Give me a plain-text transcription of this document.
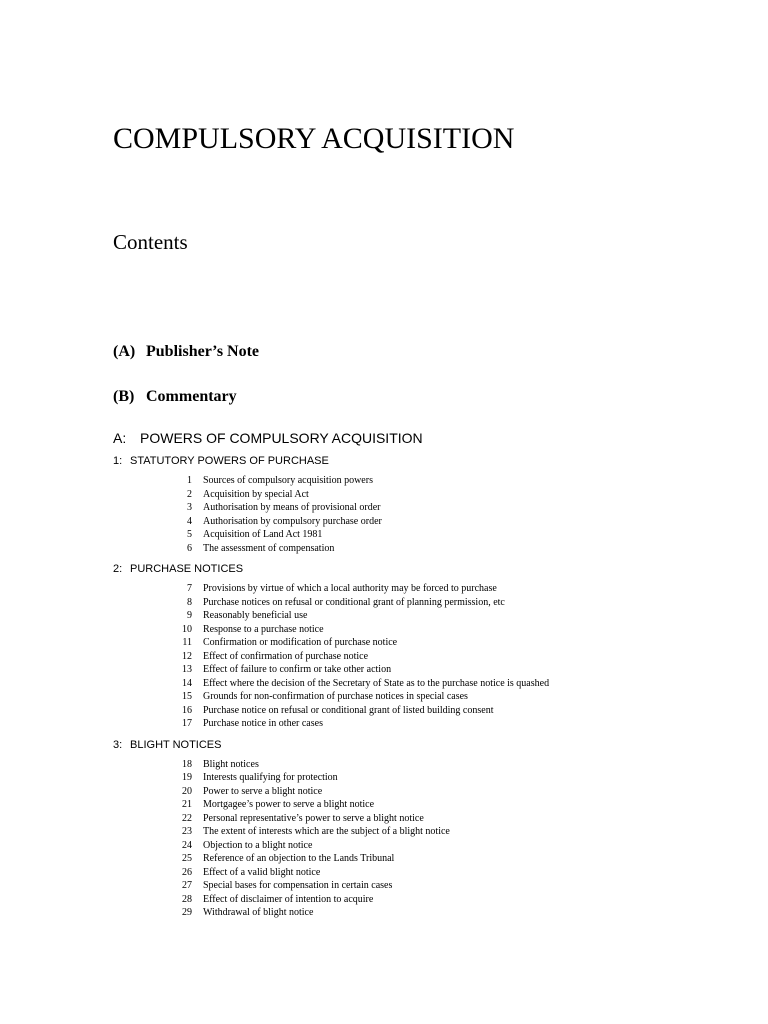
COMPULSORY ACQUISITION
Contents
(A) Publisher’s Note
(B) Commentary
A: POWERS OF COMPULSORY ACQUISITION
1: STATUTORY POWERS OF PURCHASE
1 Sources of compulsory acquisition powers
2 Acquisition by special Act
3 Authorisation by means of provisional order
4 Authorisation by compulsory purchase order
5 Acquisition of Land Act 1981
6 The assessment of compensation
2: PURCHASE NOTICES
7 Provisions by virtue of which a local authority may be forced to purchase
8 Purchase notices on refusal or conditional grant of planning permission, etc
9 Reasonably beneficial use
10 Response to a purchase notice
11 Confirmation or modification of purchase notice
12 Effect of confirmation of purchase notice
13 Effect of failure to confirm or take other action
14 Effect where the decision of the Secretary of State as to the purchase notice is quashed
15 Grounds for non-confirmation of purchase notices in special cases
16 Purchase notice on refusal or conditional grant of listed building consent
17 Purchase notice in other cases
3: BLIGHT NOTICES
18 Blight notices
19 Interests qualifying for protection
20 Power to serve a blight notice
21 Mortgagee’s power to serve a blight notice
22 Personal representative’s power to serve a blight notice
23 The extent of interests which are the subject of a blight notice
24 Objection to a blight notice
25 Reference of an objection to the Lands Tribunal
26 Effect of a valid blight notice
27 Special bases for compensation in certain cases
28 Effect of disclaimer of intention to acquire
29 Withdrawal of blight notice
